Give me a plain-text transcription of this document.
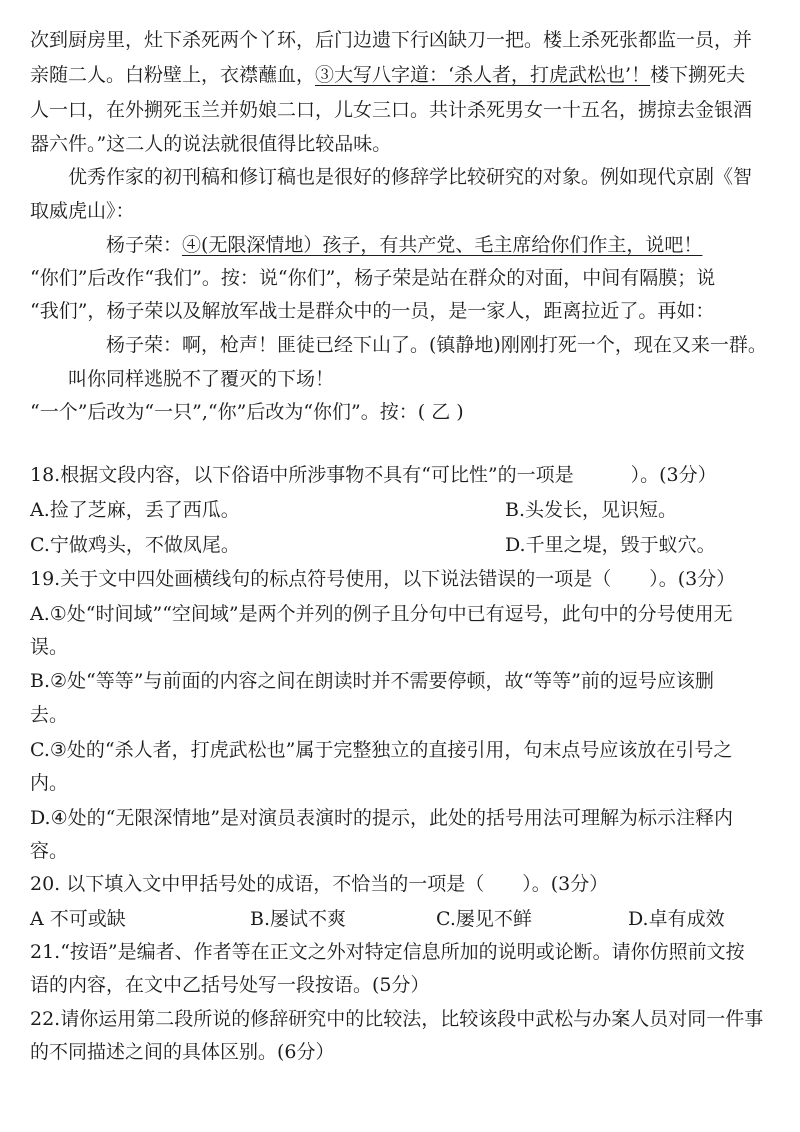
次到厨房里，灶下杀死两个丫环，后门边遗下行凶缺刀一把。楼上杀死张都监一员，并
亲随二人。白粉壁上，衣襟蘸血，③大写八字道：‘杀人者，打虎武松也’！楼下搠死夫
人一口，在外搠死玉兰并奶娘二口，儿女三口。共计杀死男女一十五名，掳掠去金银酒
器六件。”这二人的说法就很值得比较品味。
优秀作家的初刊稿和修订稿也是很好的修辞学比较研究的对象。例如现代京剧《智
取威虎山》：
杨子荣：④(无限深情地）孩子，有共产党、毛主席给你们作主，说吧！
“你们”后改作“我们”。按：说“你们”，杨子荣是站在群众的对面，中间有隔膜；说
“我们”，杨子荣以及解放军战士是群众中的一员，是一家人，距离拉近了。再如：
杨子荣：啊，枪声！匪徒已经下山了。(镇静地)刚刚打死一个，现在又来一群。
叫你同样逃脱不了覆灭的下场！
“一个”后改为“一只”,“你”后改为“你们”。按：( 乙 )
18.根据文段内容，以下俗语中所涉事物不具有“可比性”的一项是　　　）。(3分）
A.捡了芝麻，丢了西瓜。	B.头发长，见识短。
C.宁做鸡头，不做凤尾。	D.千里之堤，毁于蚁穴。
19.关于文中四处画横线句的标点符号使用，以下说法错误的一项是（　　）。(3分）
A.①处“时间域”“空间域”是两个并列的例子且分句中已有逗号，此句中的分号使用无
误。
B.②处“等等”与前面的内容之间在朗读时并不需要停顿，故“等等”前的逗号应该删
去。
C.③处的“杀人者，打虎武松也”属于完整独立的直接引用，句末点号应该放在引号之
内。
D.④处的“无限深情地”是对演员表演时的提示，此处的括号用法可理解为标示注释内
容。
20. 以下填入文中甲括号处的成语，不恰当的一项是（　　）。(3分）
A 不可或缺	B.屡试不爽	C.屡见不鲜	D.卓有成效
21.“按语”是编者、作者等在正文之外对特定信息所加的说明或论断。请你仿照前文按
语的内容，在文中乙括号处写一段按语。(5分）
22.请你运用第二段所说的修辞研究中的比较法，比较该段中武松与办案人员对同一件事
的不同描述之间的具体区别。(6分）
